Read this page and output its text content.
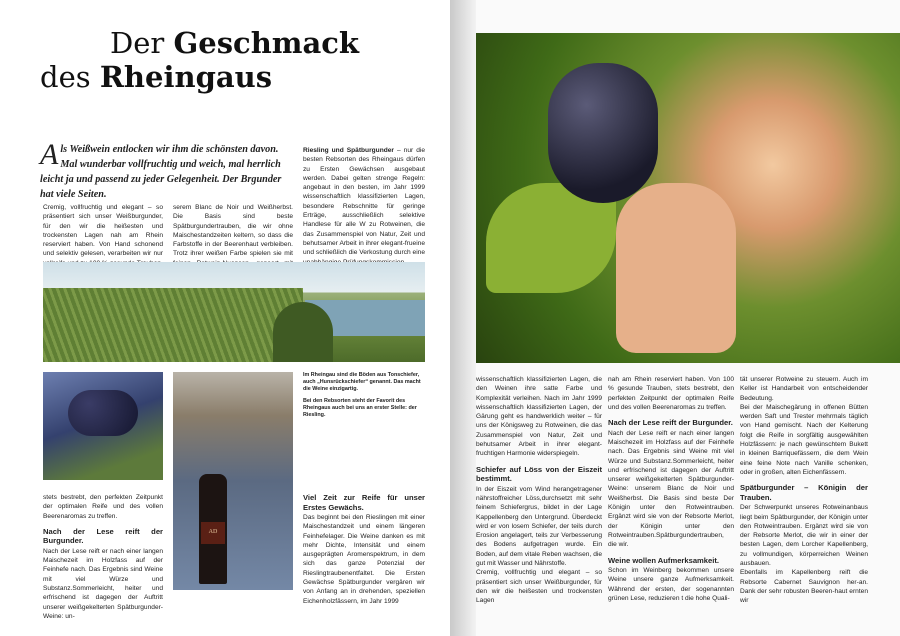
Der Geschmack
des Rheingaus
Als Weißwein entlocken wir ihm die schönsten davon. Mal wunderbar vollfruchtig und weich, mal herrlich leicht ja und passend zu jeder Gelegenheit. Der Brgunder hat viele Seiten.

Cremig, vollfruchtig und elegant – so präsentiert sich unser Weißburgunder, für den wir die heißesten und trockensten Lagen nah am Rhein reserviert haben. Von Hand schonend und selektiv gelesen, verarbeiten wir nur

serem Blanc de Noir und Weißherbst. Die Basis sind beste Spätburgundertrauben, die wir ohne Maischestandzeiten keltern, so dass die Farbstoffe in der Beerenhaut verbleiben. Trotz ihrer weißen Farbe spielen sie mit

Riesling und Spätburgunder – nur die besten Rebsorten des Rheingaus dürfen zu Ersten Gewächsen ausgebaut werden. Dabei gelten strenge Regeln: angebaut in den besten, im Jahr 1999 wissenschaftlich klassifizierten Lagen, besondere Rebschnitte für geringe Erträge, ausschließlich selektive Handlese für alle W zu Rotweinen, die das Zusammenspiel von Natur, Zeit und behutsamer Arbeit in ihrer elegant-frueine und schließlich die Verkostung durch eine

AD

Im Rheingau sind die Böden aus Tonschiefer, auch „Hunsrückschiefer“ genannt. Das macht die Weine einzigartig.

Bei den Rebsorten steht der Favorit des Rheingaus auch bei uns an erster Stelle: der Riesling.

stets bestrebt, den perfekten Zeitpunkt der optimalen Reife und des vollen Beerenaromas zu treffen.

Nach der Lese reift der Burgunder.

Nach der Lese reift er nach einer langen Maischezeit im Holzfass auf der Feinhefe nach. Das Ergebnis sind Weine mit viel Würze und Substanz.Sommerleicht, heiter und erfrischend ist dagegen der Auftritt unserer weißgekelterten Spätburgunder-Weine: un-

Viel Zeit zur Reife für unser Erstes Gewächs.

Das beginnt bei den Rieslingen mit einer Maischestandzeit und einem längeren Feinhefelager. Die Weine danken es mit mehr Dichte, Intensität und einem ausgeprägten Aromenspektrum, in dem sich das ganze Potenzial der Rieslingtraubenentfaltet. Die Ersten Gewächse Spätburgunder vergären wir von Anfang an in drehenden, speziellen Eichenholzfässern, im Jahr 1999

wissenschaftlich klassifizierten Lagen, die den Weinen ihre satte Farbe und Komplexität verleihen. Nach im Jahr 1999 wissenschaftlich klassifizierten Lagen, der Gärung geht es handwerklich weiter – für uns der Königsweg zu Rotweinen, die das Zusammenspiel von Natur, Zeit und behutsamer Arbeit in ihrer elegant-fruchtigen Harmonie widerspiegeln.

Schiefer auf Löss von der Eiszeit bestimmt.

In der Eiszeit vom Wind herangetragener nährstoffreicher Löss,durchsetzt mit sehr feinem Schiefergrus, bildet in der Lage Kappellenberg den Untergrund. Überdeckt wird er von losem Schiefer, der teils durch Erosion angelagert, teils zur Verbesserung des Bodens aufgetragen wurde. Ein Boden, auf dem vitale Reben wachsen, die gut mit Wasser und Nährstoffe.

Cremig, vollfruchtig und elegant – so präsentiert sich unser Weißburgunder, für den wir die heißesten und trockensten Lagen

nah am Rhein reserviert haben. Von 100 % gesunde Trauben, stets bestrebt, den perfekten Zeitpunkt der optimalen Reife und des vollen Beerenaromas zu treffen.

Nach der Lese reift der Burgunder.

Nach der Lese reift er nach einer langen Maischezeit im Holzfass auf der Feinhefe nach. Das Ergebnis sind Weine mit viel Würze und Substanz.Sommerleicht, heiter und erfrischend ist dagegen der Auftritt unserer weißgekelterten Spätburgunder-Weine: unserem Blanc de Noir und Weißherbst. Die Basis sind beste Der Königin unter den Rotweintrauben. Ergänzt wird sie von der Rebsorte Merlot, der Königin unter den Rotweintrauben.Spätburgundertrauben, die wir.

Weine wollen Aufmerksamkeit.

Schon im Weinberg bekommen unsere Weine unsere ganze Aufmerksamkeit. Während der ersten, der sogenannten grünen Lese, reduzieren t die hohe Quali-

tät unserer Rotweine zu steuern. Auch im Keller ist Handarbeit von entscheidender Bedeutung.

Bei der Maischegärung in offenen Bütten werden Saft und Trester mehrmals täglich von Hand gemischt. Nach der Kelterung folgt die Reife in sorgfältig ausgewählten Holzfässern: je nach gewünschtem Bukett in kleinen Barriquefässern, die dem Wein eine feine Note nach Vanille schenken, oder in großen, alten Eichenfässern.

Spätburgunder – Königin der Trauben.

Der Schwerpunkt unseres Rotweinanbaus liegt beim Spätburgunder, der Königin unter den Rotweintrauben. Ergänzt wird sie von der Rebsorte Merlot, die wir in einer der besten Lagen, dem Lorcher Kapellenberg, zu vollmundigen, körperreichen Weinen ausbauen.

Ebenfalls im Kapellenberg reift die Rebsorte Cabernet Sauvignon her-an. Dank der sehr robusten Beeren-haut ernten wir
